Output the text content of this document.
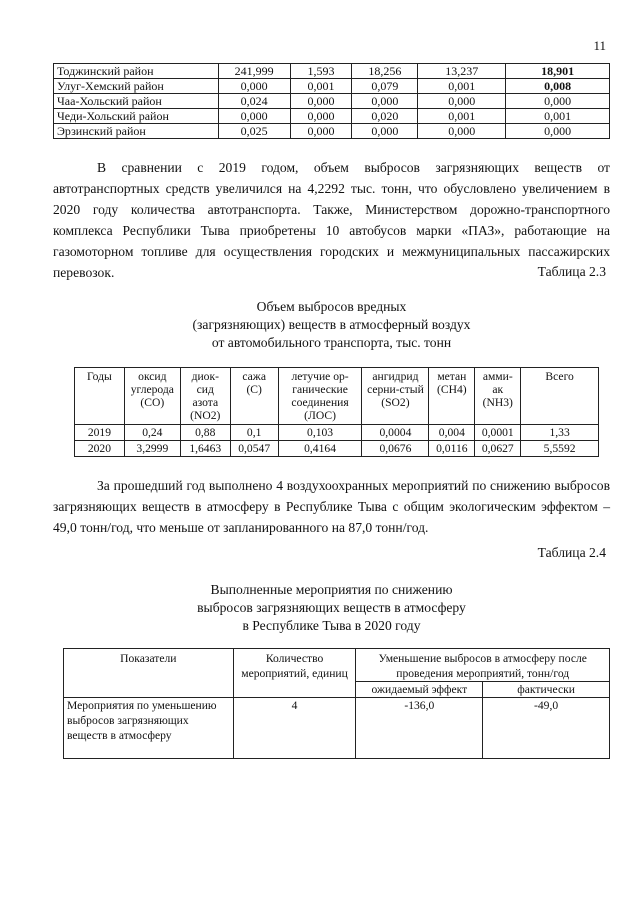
11
Тоджинский район	241,999	1,593	18,256	13,237	18,901
Улуг-Хемский район	0,000	0,001	0,079	0,001	0,008
Чаа-Хольский район	0,024	0,000	0,000	0,000	0,000
Чеди-Хольский район	0,000	0,000	0,020	0,001	0,001
Эрзинский район	0,025	0,000	0,000	0,000	0,000

В сравнении с 2019 годом, объем выбросов загрязняющих веществ от автотранспортных средств увеличился на 4,2292 тыс. тонн, что обусловлено увеличением в 2020 году количества автотранспорта. Также, Министерством дорожно-транспортного комплекса Республики Тыва приобретены 10 автобусов марки «ПАЗ», работающие на газомоторном топливе для осуществления городских и межмуниципальных пассажирских перевозок.	Таблица 2.3
Объем выбросов вредных
(загрязняющих) веществ в атмосферный воздух
от автомобильного транспорта, тыс. тонн
Годы	оксид углерода (СО)	диок-сид азота (NO2)	сажа (С)	летучие ор-ганические соединения (ЛОС)	ангидрид серни-стый (SO2)	метан (CH4)	амми-ак (NH3)	Всего
2019	0,24	0,88	0,1	0,103	0,0004	0,004	0,0001	1,33
2020	3,2999	1,6463	0,0547	0,4164	0,0676	0,0116	0,0627	5,5592

За прошедший год выполнено 4 воздухоохранных мероприятий по снижению выбросов загрязняющих веществ в атмосферу в Республике Тыва с общим экологическим эффектом – 49,0 тонн/год, что меньше от запланированного на 87,0 тонн/год.

Таблица 2.4
Выполненные мероприятия по снижению
выбросов загрязняющих веществ в атмосферу
в Республике Тыва в 2020 году
Показатели	Количество мероприятий, единиц	Уменьшение выбросов в атмосферу после проведения мероприятий, тонн/год	
		ожидаемый эффект	фактически
Мероприятия по уменьшению выбросов загрязняющих веществ в атмосферу	4	-136,0	-49,0
